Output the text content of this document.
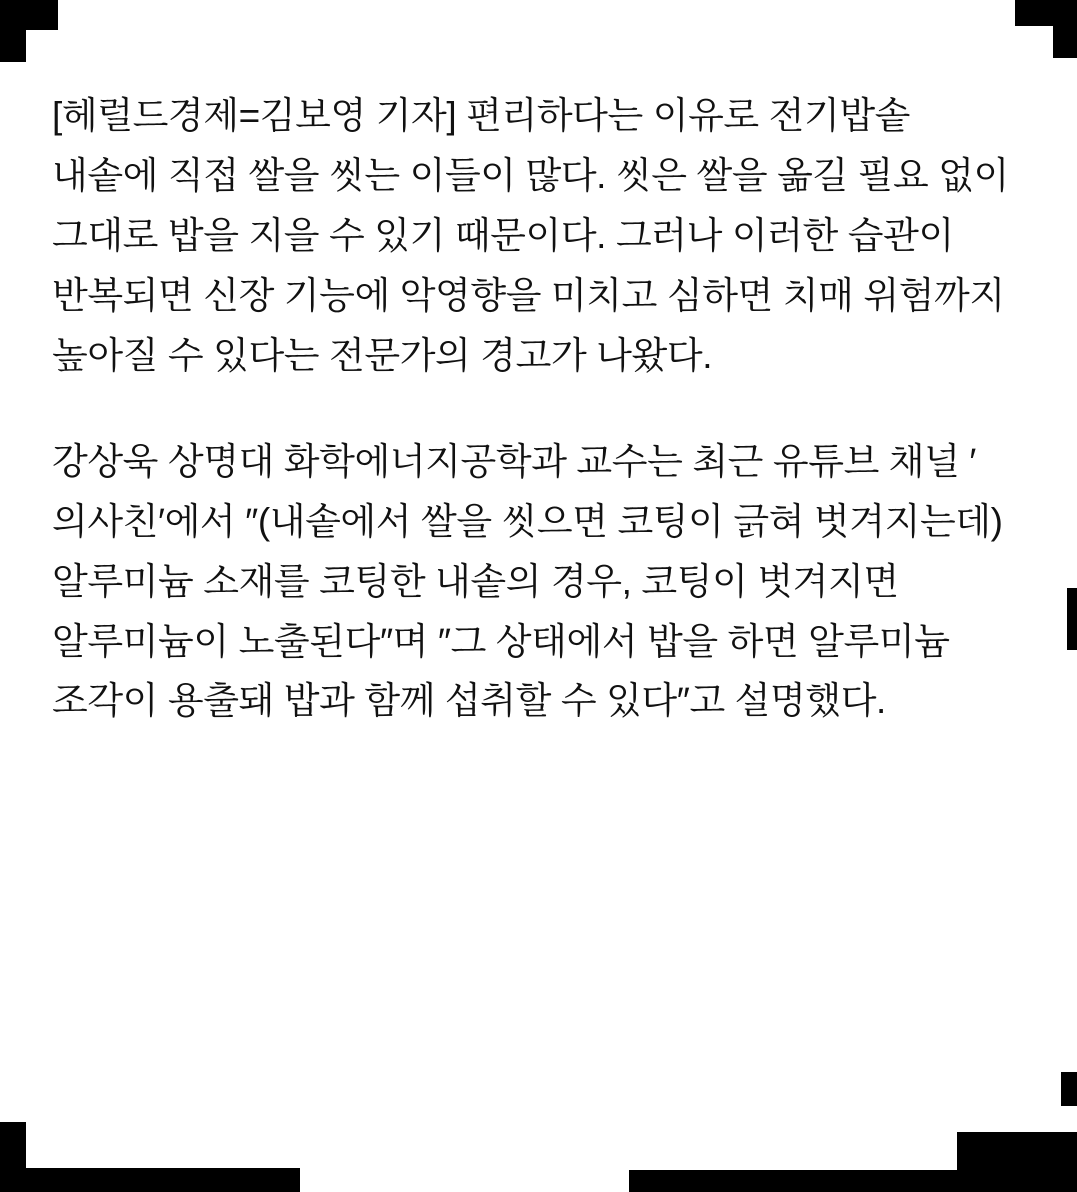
[헤럴드경제=김보영 기자] 편리하다는 이유로 전기밥솥 내솥에 직접 쌀을 씻는 이들이 많다. 씻은 쌀을 옮길 필요 없이 그대로 밥을 지을 수 있기 때문이다. 그러나 이러한 습관이 반복되면 신장 기능에 악영향을 미치고 심하면 치매 위험까지 높아질 수 있다는 전문가의 경고가 나왔다.

강상욱 상명대 화학에너지공학과 교수는 최근 유튜브 채널 ′의사친′에서 ″(내솥에서 쌀을 씻으면 코팅이 긁혀 벗겨지는데) 알루미늄 소재를 코팅한 내솥의 경우, 코팅이 벗겨지면 알루미늄이 노출된다″며 ″그 상태에서 밥을 하면 알루미늄 조각이 용출돼 밥과 함께 섭취할 수 있다″고 설명했다.
